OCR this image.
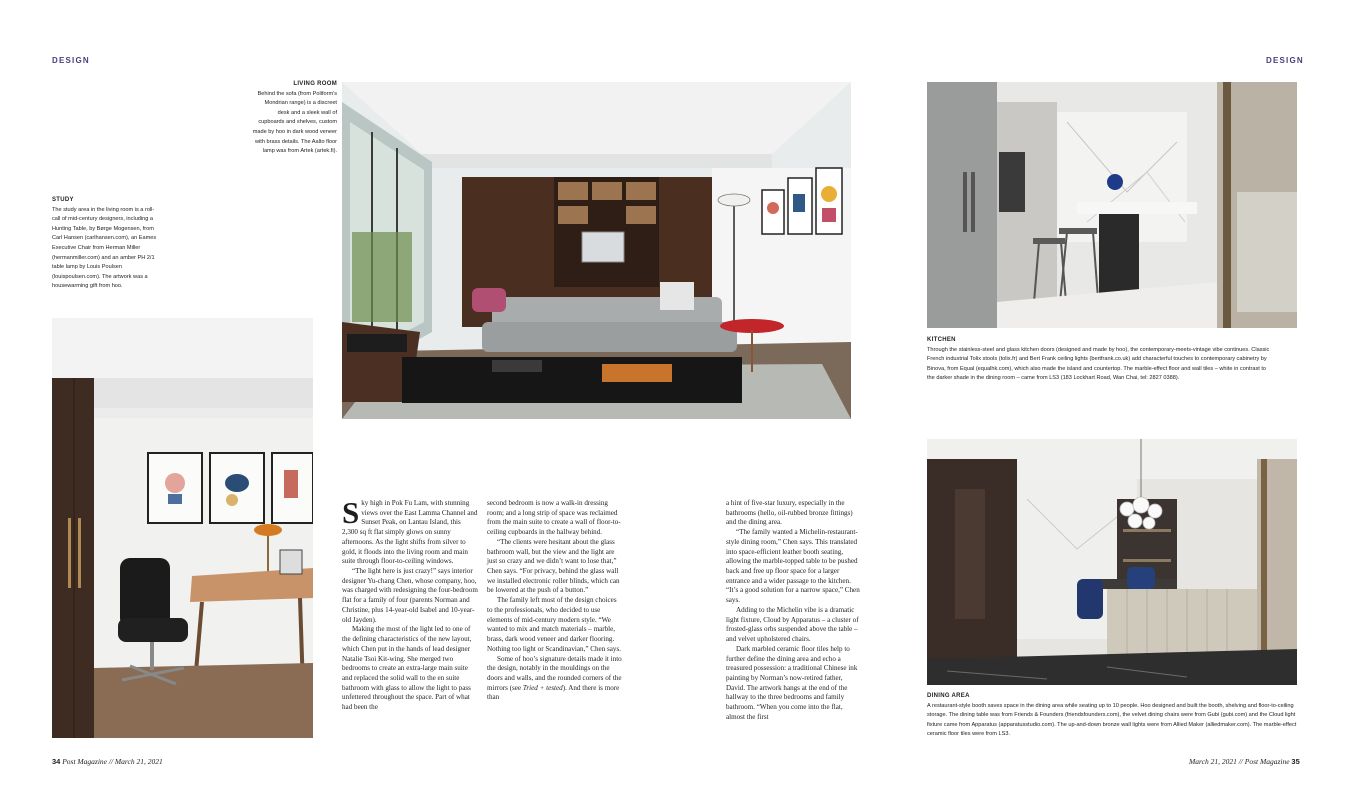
DESIGN
LIVING ROOM
Behind the sofa (from Poliform's Mondrian range) is a discreet desk and a sleek wall of cupboards and shelves, custom made by hoo in dark wood veneer with brass details. The Aalto floor lamp was from Artek (artek.fi).
STUDY
The study area in the living room is a roll-call of mid-century designers, including a Hunting Table, by Børge Mogensen, from Carl Hansen (carlhansen.com), an Eames Executive Chair from Herman Miller (hermanmiller.com) and an amber PH 2/1 table lamp by Louis Poulsen (louispoulsen.com). The artwork was a housewarming gift from hoo.

Sky high in Pok Fu Lam, with stunning views over the East Lamma Channel and Sunset Peak, on Lantau Island, this 2,300 sq ft flat simply glows on sunny afternoons. As the light shifts from silver to gold, it floods into the living room and main suite through floor-to-ceiling windows.

“The light here is just crazy!” says interior designer Yu-chang Chen, whose company, hoo, was charged with redesigning the four-bedroom flat for a family of four (parents Norman and Christine, plus 14-year-old Isabel and 10-year-old Jayden).

Making the most of the light led to one of the defining characteristics of the new layout, which Chen put in the hands of lead designer Natalie Tsoi Kit-wing. She merged two bedrooms to create an extra-large main suite and replaced the solid wall to the en suite bathroom with glass to allow the light to pass unfettered throughout the space. Part of what had been the

second bedroom is now a walk-in dressing room; and a long strip of space was reclaimed from the main suite to create a wall of floor-to-ceiling cupboards in the hallway behind.

“The clients were hesitant about the glass bathroom wall, but the view and the light are just so crazy and we didn’t want to lose that,” Chen says. “For privacy, behind the glass wall we installed electronic roller blinds, which can be lowered at the push of a button.”

The family left most of the design choices to the professionals, who decided to use elements of mid-century modern style. “We wanted to mix and match materials – marble, brass, dark wood veneer and darker flooring. Nothing too light or Scandinavian,” Chen says.

Some of hoo’s signature details made it into the design, notably in the mouldings on the doors and walls, and the rounded corners of the mirrors (see Tried + tested). And there is more than

a hint of five-star luxury, especially in the bathrooms (hello, oil-rubbed bronze fittings) and the dining area.

“The family wanted a Michelin-restaurant-style dining room,” Chen says. This translated into space-efficient leather booth seating, allowing the marble-topped table to be pushed back and free up floor space for a larger entrance and a wider passage to the kitchen. “It’s a good solution for a narrow space,” Chen says.

Adding to the Michelin vibe is a dramatic light fixture, Cloud by Apparatus – a cluster of frosted-glass orbs suspended above the table – and velvet upholstered chairs.

Dark marbled ceramic floor tiles help to further define the dining area and echo a treasured possession: a traditional Chinese ink painting by Norman’s now-retired father, David. The artwork hangs at the end of the hallway to the three bedrooms and family bathroom. “When you come into the flat, almost the first

34 Post Magazine // March 21, 2021
DESIGN
KITCHEN
Through the stainless-steel and glass kitchen doors (designed and made by hoo), the contemporary-meets-vintage vibe continues. Classic French industrial Tolix stools (tolix.fr) and Bert Frank ceiling lights (bertfrank.co.uk) add characterful touches to contemporary cabinetry by Binova, from Equal (equalhk.com), which also made the island and countertop. The marble-effect floor and wall tiles – white in contrast to the darker shade in the dining room – came from LS3 (183 Lockhart Road, Wan Chai, tel: 2827 0388).
DINING AREA
A restaurant-style booth saves space in the dining area while seating up to 10 people. Hoo designed and built the booth, shelving and floor-to-ceiling storage. The dining table was from Friends & Founders (friendsfounders.com), the velvet dining chairs were from Gubi (gubi.com) and the Cloud light fixture came from Apparatus (apparatusstudio.com). The up-and-down bronze wall lights were from Allied Maker (alliedmaker.com). The marble-effect ceramic floor tiles were from LS3.
March 21, 2021 // Post Magazine 35
